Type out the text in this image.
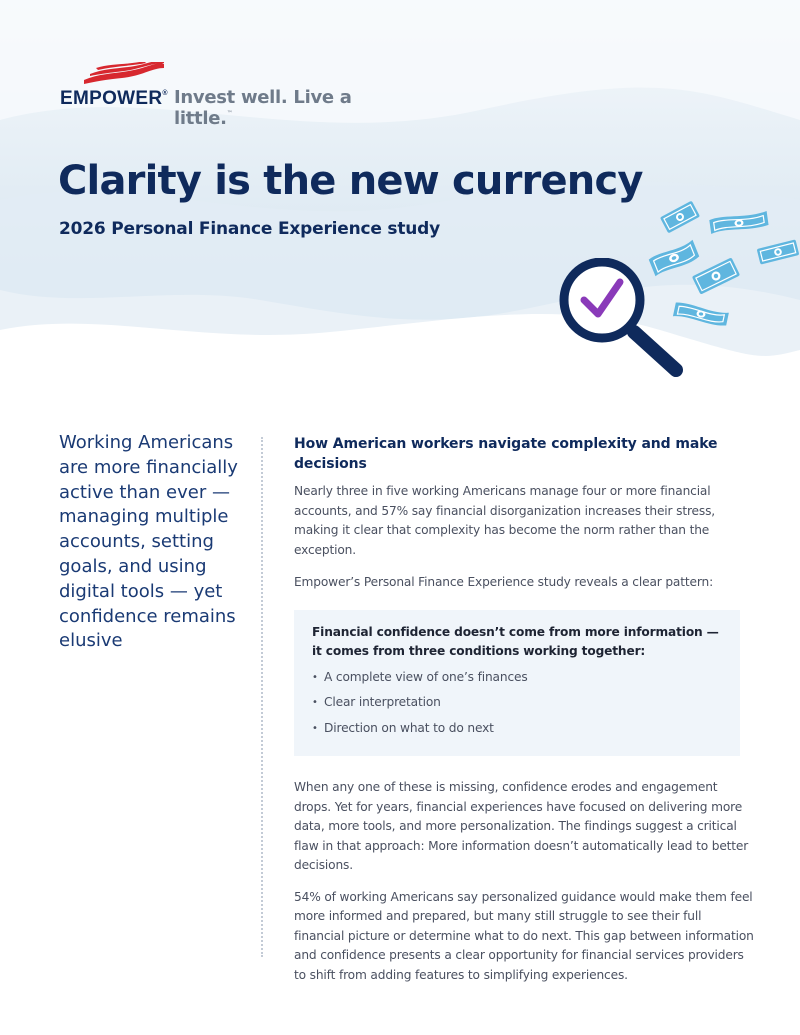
EMPOWER® Invest well. Live a little.™
Clarity is the new currency
2026 Personal Finance Experience study
Working Americans are more financially active than ever — managing multiple accounts, setting goals, and using digital tools — yet confidence remains elusive
How American workers navigate complexity and make decisions

Nearly three in five working Americans manage four or more financial accounts, and 57% say financial disorganization increases their stress, making it clear that complexity has become the norm rather than the exception.

Empower’s Personal Finance Experience study reveals a clear pattern:

Financial confidence doesn’t come from more information — it comes from three conditions working together:
• A complete view of one’s finances
• Clear interpretation
• Direction on what to do next

When any one of these is missing, confidence erodes and engagement drops. Yet for years, financial experiences have focused on delivering more data, more tools, and more personalization. The findings suggest a critical flaw in that approach: More information doesn’t automatically lead to better decisions.

54% of working Americans say personalized guidance would make them feel more informed and prepared, but many still struggle to see their full financial picture or determine what to do next. This gap between information and confidence presents a clear opportunity for financial services providers to shift from adding features to simplifying experiences.
